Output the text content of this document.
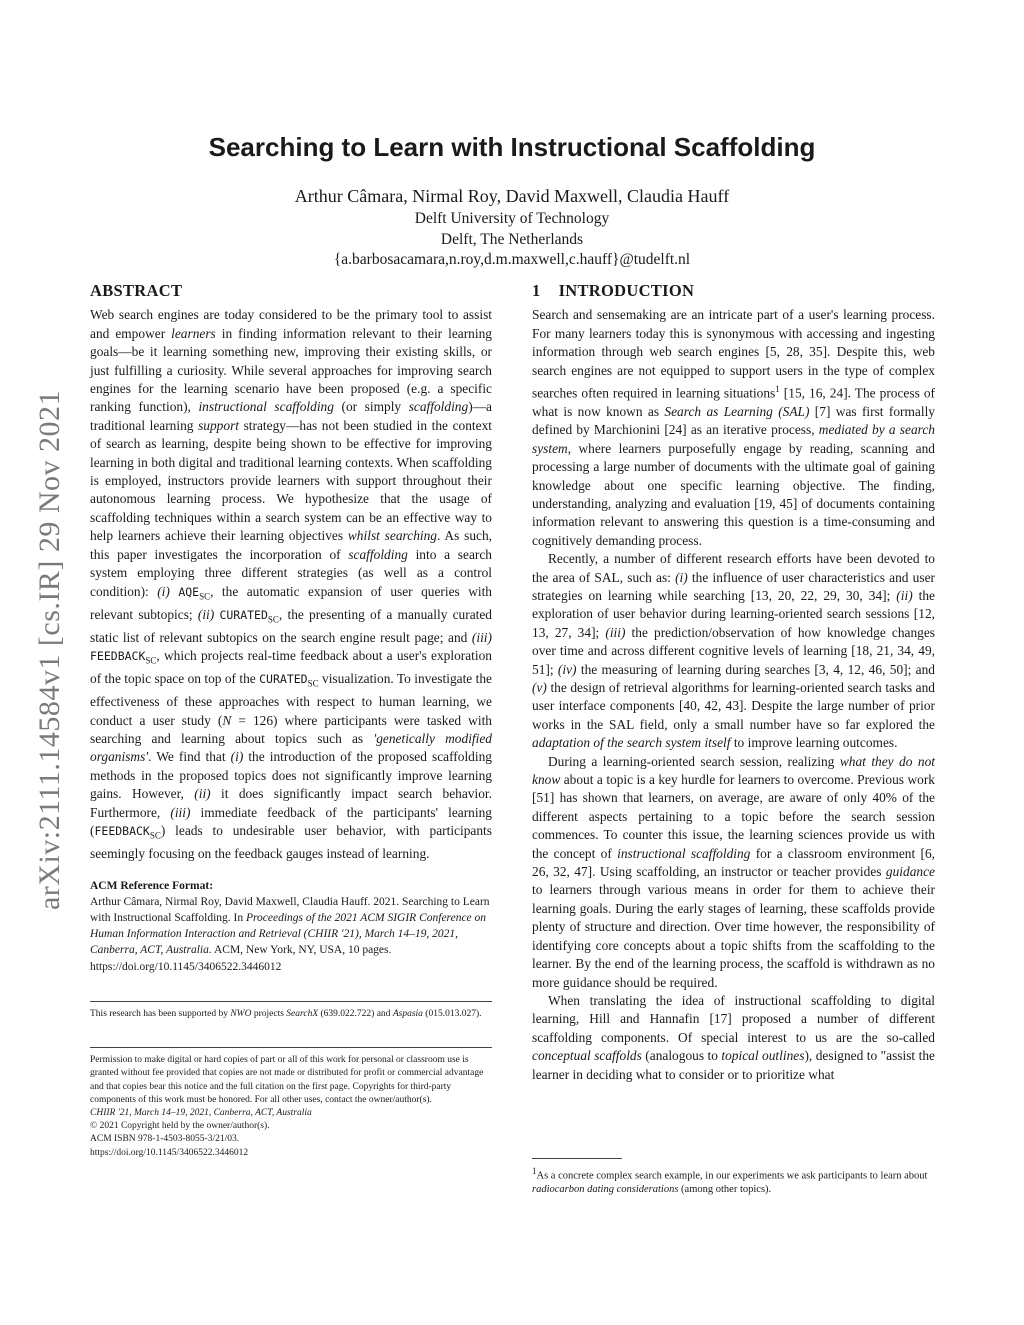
arXiv:2111.14584v1 [cs.IR] 29 Nov 2021
Searching to Learn with Instructional Scaffolding
Arthur Câmara, Nirmal Roy, David Maxwell, Claudia Hauff
Delft University of Technology
Delft, The Netherlands
{a.barbosacamara,n.roy,d.m.maxwell,c.hauff}@tudelft.nl
ABSTRACT

Web search engines are today considered to be the primary tool to assist and empower learners in finding information relevant to their learning goals—be it learning something new, improving their existing skills, or just fulfilling a curiosity. While several approaches for improving search engines for the learning scenario have been proposed (e.g. a specific ranking function), instructional scaffolding (or simply scaffolding)—a traditional learning support strategy—has not been studied in the context of search as learning, despite being shown to be effective for improving learning in both digital and traditional learning contexts. When scaffolding is employed, instructors provide learners with support throughout their autonomous learning process. We hypothesize that the usage of scaffolding techniques within a search system can be an effective way to help learners achieve their learning objectives whilst searching. As such, this paper investigates the incorporation of scaffolding into a search system employing three different strategies (as well as a control condition): (i) $AQE_{SC}$, the automatic expansion of user queries with relevant subtopics; (ii) $CURATED_{SC}$, the presenting of a manually curated static list of relevant subtopics on the search engine result page; and (iii) $FEEDBACK_{SC}$, which projects real-time feedback about a user's exploration of the topic space on top of the $CURATED_{SC}$ visualization. To investigate the effectiveness of these approaches with respect to human learning, we conduct a user study (N = 126) where participants were tasked with searching and learning about topics such as 'genetically modified organisms'. We find that (i) the introduction of the proposed scaffolding methods in the proposed topics does not significantly improve learning gains. However, (ii) it does significantly impact search behavior. Furthermore, (iii) immediate feedback of the participants' learning $(FEEDBACK_{SC})$ leads to undesirable user behavior, with participants seemingly focusing on the feedback gauges instead of learning.

ACM Reference Format:
Arthur Câmara, Nirmal Roy, David Maxwell, Claudia Hauff. 2021. Searching to Learn with Instructional Scaffolding. In Proceedings of the 2021 ACM SIGIR Conference on Human Information Interaction and Retrieval (CHIIR '21), March 14–19, 2021, Canberra, ACT, Australia. ACM, New York, NY, USA, 10 pages. https://doi.org/10.1145/3406522.3446012
This research has been supported by NWO projects SearchX (639.022.722) and Aspasia (015.013.027).
Permission to make digital or hard copies of part or all of this work for personal or classroom use is granted without fee provided that copies are not made or distributed for profit or commercial advantage and that copies bear this notice and the full citation on the first page. Copyrights for third-party components of this work must be honored. For all other uses, contact the owner/author(s).
CHIIR '21, March 14–19, 2021, Canberra, ACT, Australia
© 2021 Copyright held by the owner/author(s).
ACM ISBN 978-1-4503-8055-3/21/03.
https://doi.org/10.1145/3406522.3446012
1 INTRODUCTION

Search and sensemaking are an intricate part of a user's learning process. For many learners today this is synonymous with accessing and ingesting information through web search engines [5, 28, 35]. Despite this, web search engines are not equipped to support users in the type of complex searches often required in learning situations$^1$ [15, 16, 24]. The process of what is now known as Search as Learning (SAL) [7] was first formally defined by Marchionini [24] as an iterative process, mediated by a search system, where learners purposefully engage by reading, scanning and processing a large number of documents with the ultimate goal of gaining knowledge about one specific learning objective. The finding, understanding, analyzing and evaluation [19, 45] of documents containing information relevant to answering this question is a time-consuming and cognitively demanding process.

Recently, a number of different research efforts have been devoted to the area of SAL, such as: (i) the influence of user characteristics and user strategies on learning while searching [13, 20, 22, 29, 30, 34]; (ii) the exploration of user behavior during learning-oriented search sessions [12, 13, 27, 34]; (iii) the prediction/observation of how knowledge changes over time and across different cognitive levels of learning [18, 21, 34, 49, 51]; (iv) the measuring of learning during searches [3, 4, 12, 46, 50]; and (v) the design of retrieval algorithms for learning-oriented search tasks and user interface components [40, 42, 43]. Despite the large number of prior works in the SAL field, only a small number have so far explored the adaptation of the search system itself to improve learning outcomes.

During a learning-oriented search session, realizing what they do not know about a topic is a key hurdle for learners to overcome. Previous work [51] has shown that learners, on average, are aware of only 40% of the different aspects pertaining to a topic before the search session commences. To counter this issue, the learning sciences provide us with the concept of instructional scaffolding for a classroom environment [6, 26, 32, 47]. Using scaffolding, an instructor or teacher provides guidance to learners through various means in order for them to achieve their learning goals. During the early stages of learning, these scaffolds provide plenty of structure and direction. Over time however, the responsibility of identifying core concepts about a topic shifts from the scaffolding to the learner. By the end of the learning process, the scaffold is withdrawn as no more guidance should be required.

When translating the idea of instructional scaffolding to digital learning, Hill and Hannafin [17] proposed a number of different scaffolding components. Of special interest to us are the so-called conceptual scaffolds (analogous to topical outlines), designed to "assist the learner in deciding what to consider or to prioritize what

$^1$As a concrete complex search example, in our experiments we ask participants to learn about radiocarbon dating considerations (among other topics).
